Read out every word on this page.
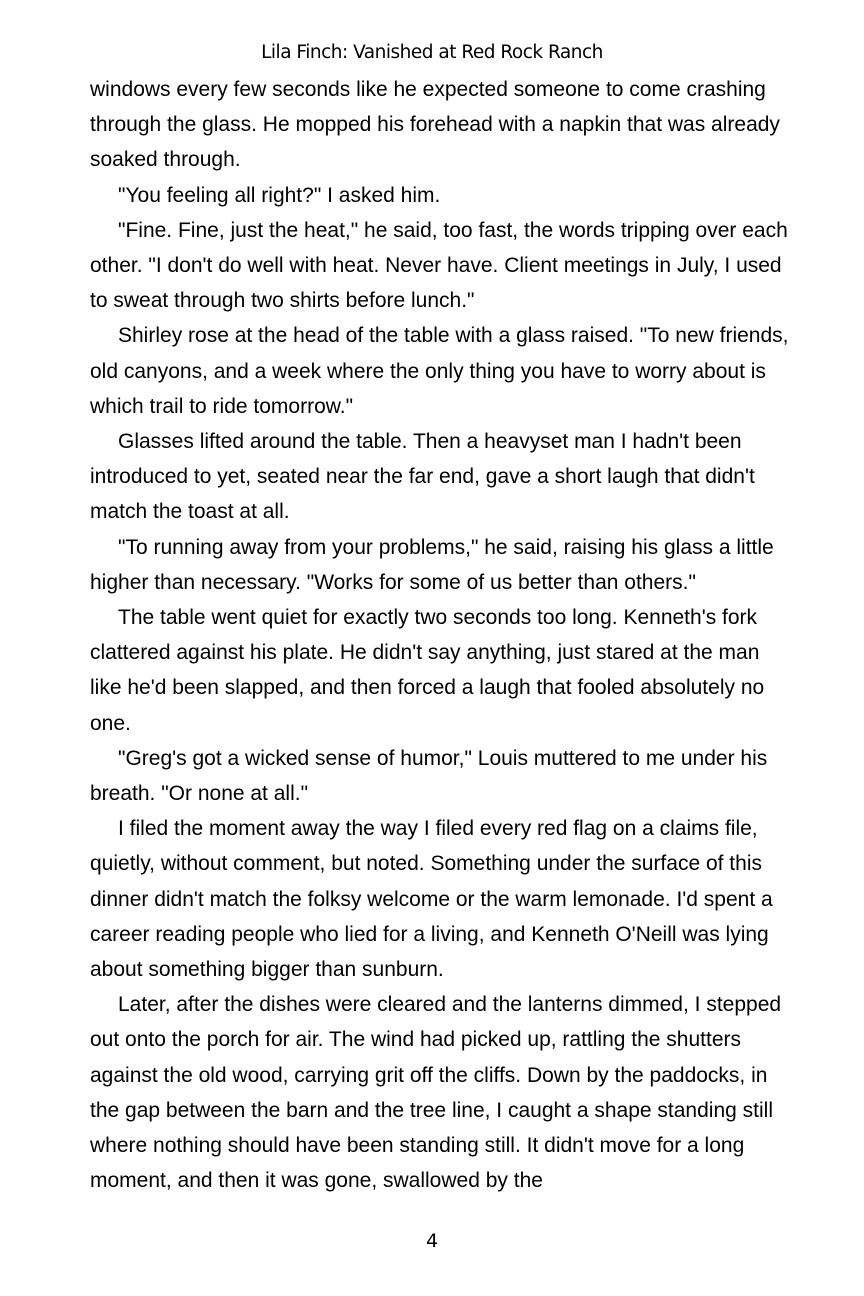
Lila Finch: Vanished at Red Rock Ranch

windows every few seconds like he expected someone to come crashing through the glass. He mopped his forehead with a napkin that was already soaked through.

"You feeling all right?" I asked him.

"Fine. Fine, just the heat," he said, too fast, the words tripping over each other. "I don't do well with heat. Never have. Client meetings in July, I used to sweat through two shirts before lunch."

Shirley rose at the head of the table with a glass raised. "To new friends, old canyons, and a week where the only thing you have to worry about is which trail to ride tomorrow."

Glasses lifted around the table. Then a heavyset man I hadn't been introduced to yet, seated near the far end, gave a short laugh that didn't match the toast at all.

"To running away from your problems," he said, raising his glass a little higher than necessary. "Works for some of us better than others."

The table went quiet for exactly two seconds too long. Kenneth's fork clattered against his plate. He didn't say anything, just stared at the man like he'd been slapped, and then forced a laugh that fooled absolutely no one.

"Greg's got a wicked sense of humor," Louis muttered to me under his breath. "Or none at all."

I filed the moment away the way I filed every red flag on a claims file, quietly, without comment, but noted. Something under the surface of this dinner didn't match the folksy welcome or the warm lemonade. I'd spent a career reading people who lied for a living, and Kenneth O'Neill was lying about something bigger than sunburn.

Later, after the dishes were cleared and the lanterns dimmed, I stepped out onto the porch for air. The wind had picked up, rattling the shutters against the old wood, carrying grit off the cliffs. Down by the paddocks, in the gap between the barn and the tree line, I caught a shape standing still where nothing should have been standing still. It didn't move for a long moment, and then it was gone, swallowed by the

4
